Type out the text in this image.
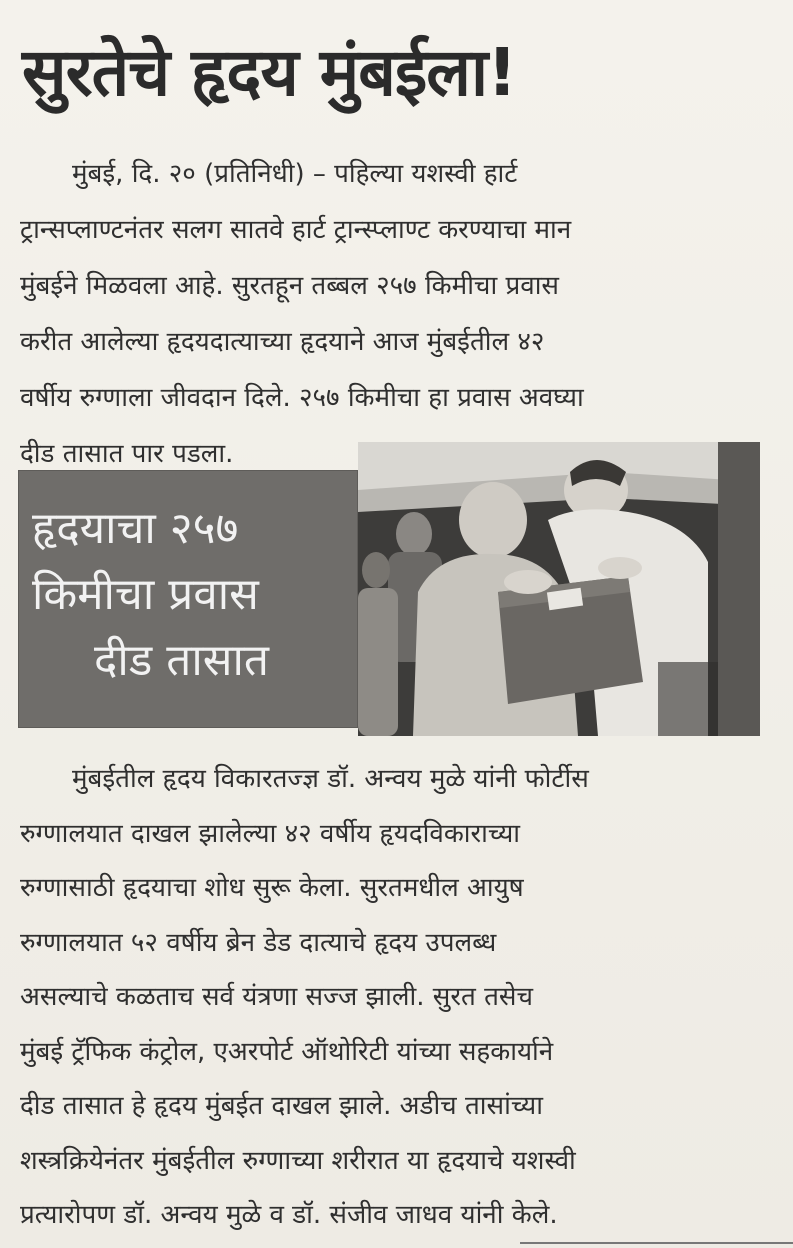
सुरतेचे हृदय मुंबईला!
मुंबई, दि. २० (प्रतिनिधी) – पहिल्या यशस्वी हार्ट
ट्रान्सप्लाण्टनंतर सलग सातवे हार्ट ट्रान्स्प्लाण्ट करण्याचा मान
मुंबईने मिळवला आहे. सुरतहून तब्बल २५७ किमीचा प्रवास
करीत आलेल्या हृदयदात्याच्या हृदयाने आज मुंबईतील ४२
वर्षीय रुग्णाला जीवदान दिले. २५७ किमीचा हा प्रवास अवघ्या
दीड तासात पार पडला.
हृदयाचा २५७
किमीचा प्रवास
दीड तासात
मुंबईतील हृदय विकारतज्ज्ञ डॉ. अन्वय मुळे यांनी फोर्टीस
रुग्णालयात दाखल झालेल्या ४२ वर्षीय हृयदविकाराच्या
रुग्णासाठी हृदयाचा शोध सुरू केला. सुरतमधील आयुष
रुग्णालयात ५२ वर्षीय ब्रेन डेड दात्याचे हृदय उपलब्ध
असल्याचे कळताच सर्व यंत्रणा सज्ज झाली. सुरत तसेच
मुंबई ट्रॅफिक कंट्रोल, एअरपोर्ट ऑथोरिटी यांच्या सहकार्याने
दीड तासात हे हृदय मुंबईत दाखल झाले. अडीच तासांच्या
शस्त्रक्रियेनंतर मुंबईतील रुग्णाच्या शरीरात या हृदयाचे यशस्वी
प्रत्यारोपण डॉ. अन्वय मुळे व डॉ. संजीव जाधव यांनी केले.
